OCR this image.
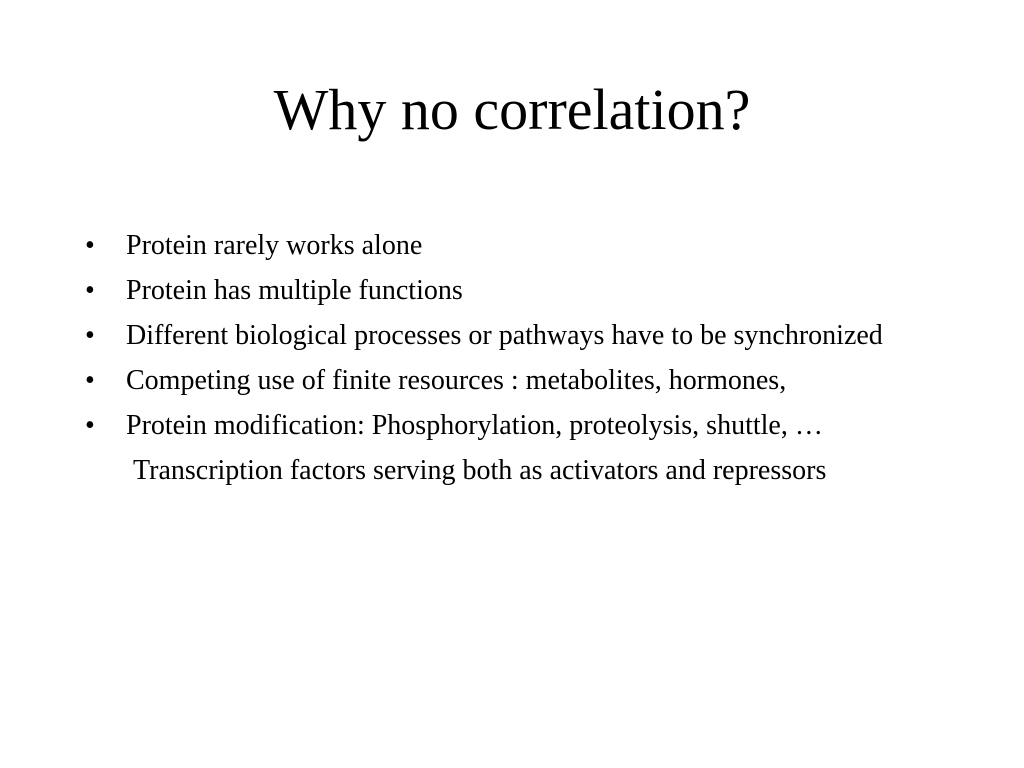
Why no correlation?
• Protein rarely works alone
• Protein has multiple functions
• Different biological processes or pathways have to be synchronized
• Competing use of finite resources : metabolites, hormones,
• Protein modification: Phosphorylation, proteolysis, shuttle, …
Transcription factors serving both as activators and repressors
